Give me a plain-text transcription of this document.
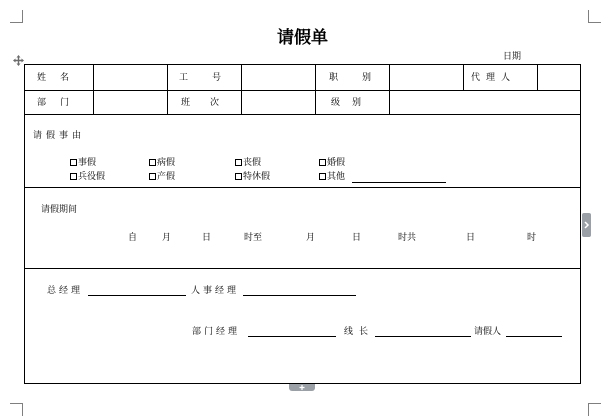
请假单
日期
姓名	工号	职别	代理人
部门	班次	级别
请假事由
事假	病假	丧假	婚假
兵役假	产假	特休假	其他
请假期间
自	月	日	时至	月	日	时共	日	时
总经理	人事经理
部门经理	线长	请假人
